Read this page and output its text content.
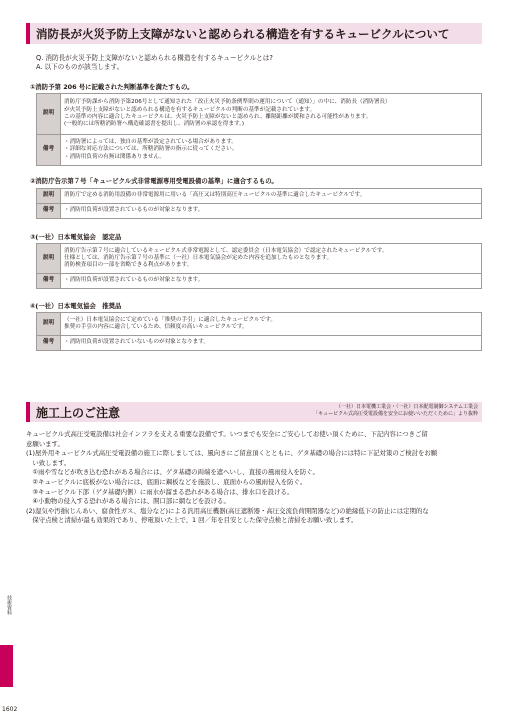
消防長が火災予防上支障がないと認められる構造を有するキュービクルについて
Q. 消防長が火災予防上支障がないと認められる構造を有するキュービクルとは?
A. 以下のものが該当します。
①消防予第 206 号に記載された判断基準を満たすもの。
説明	消防庁予防課から消防予第206号として通知された「改正火災予防条例準則の運用について（通知）」の中に、消防長（消防署長）
が火災予防上支障がないと認められる構造を有するキュービクルの判断の基準が記載されています。
この基準の内容に適合したキュービクルは、火災予防上支障がないと認められ、離隔距離が緩和される可能性があります。
(一般的には所轄消防署へ構造確認書を提出し、消防署の承認を得ます。)

備考	・消防署によっては、独自の基準が設定されている場合があります。
・詳細な対応方法については、所轄消防署の指示に従ってください。
・消防用負荷の有無は関係ありません。
②消防庁告示第７号「キュービクル式非常電源専用受電設備の基準」に適合するもの。
説明	消防庁で定める消防用設備の非常電源用に用いる「高圧又は特別高圧キュービクルの基準に適合したキュービクルです。

備考	・消防用負荷が設置されているものが対象となります。
③(一社）日本電気協会　認定品
説明	消防庁告示第７号に適合しているキュービクル式非常電源として、認定委員会（日本電気協会）で認定されたキュービクルです。
仕様としては、消防庁告示第７号の基準に（一社）日本電気協会が定めた内容を追加したものとなります。
消防検査項目の一部を省略できる利点があります。

備考	・消防用負荷が設置されているものが対象となります。
④(一社）日本電気協会　推奨品
説明	（一社）日本電気協会にて定めている「推奨の手引」に適合したキュービクルです。
推奨の手引の内容に適合しているため、信頼度の高いキュービクルです。

備考	・消防用負荷が設置されていないものが対象となります。
施工上のご注意	（一社）日本電機工業会・（一社）日本配電制御システム工業会
「キュービクル式高圧受電設備を安全にお使いいただくために」より抜粋
キュービクル式高圧受電設備は社会インフラを支える重要な設備です。いつまでも安全にご安心してお使い頂くために、下記内容につきご留
意願います。
(1)屋外用キュービクル式高圧受電設備の施工に際しましては、風向きにご留意頂くとともに、ゲタ基礎の場合には特に下記対策のご検討をお願
　い致します。
　①雨や雪などが吹き込む恐れがある場合には、ゲタ基礎の両端を遮へいし、直接の風雨侵入を防ぐ。
　②キュービクルに底板がない場合には、底面に鋼板などを施設し、底面からの風雨侵入を防ぐ。
　③キュービクル下部（ゲタ基礎内側）に雨水が溜まる恐れがある場合は、排水口を設ける。
　④小動物の侵入する恐れがある場合には、開口部に網などを設ける。
(2)湿気や汚損(じんあい、腐食性ガス、塩分など)による汎用高圧機器(高圧遮断器・高圧交流負荷開閉器など)の絶縁低下の防止には定期的な
　保守点検と清掃が最も効果的であり、停電頂いた上で、1 回／年を目安とした保守点検と清掃をお願い致します。
技術資料
1602
